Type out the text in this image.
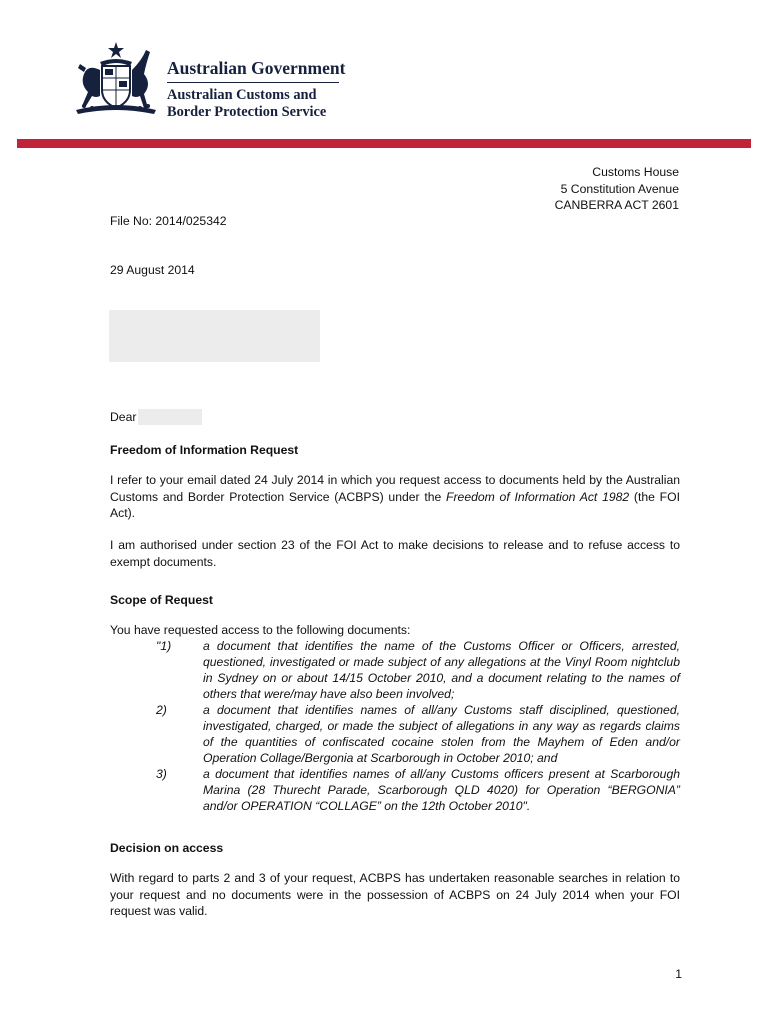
Australian Government
Australian Customs and
Border Protection Service
Customs House
5 Constitution Avenue
CANBERRA ACT 2601
File No: 2014/025342
29 August 2014
Dear
Freedom of Information Request

I refer to your email dated 24 July 2014 in which you request access to documents held by the Australian Customs and Border Protection Service (ACBPS) under the Freedom of Information Act 1982 (the FOI Act).

I am authorised under section 23 of the FOI Act to make decisions to release and to refuse access to exempt documents.

Scope of Request
You have requested access to the following documents:
"1)	a document that identifies the name of the Customs Officer or Officers, arrested, questioned, investigated or made subject of any allegations at the Vinyl Room nightclub in Sydney on or about 14/15 October 2010, and a document relating to the names of others that were/may have also been involved;
2)	a document that identifies names of all/any Customs staff disciplined, questioned, investigated, charged, or made the subject of allegations in any way as regards claims of the quantities of confiscated cocaine stolen from the Mayhem of Eden and/or Operation Collage/Bergonia at Scarborough in October 2010; and
3)	a document that identifies names of all/any Customs officers present at Scarborough Marina (28 Thurecht Parade, Scarborough QLD 4020) for Operation “BERGONIA” and/or OPERATION “COLLAGE” on the 12th October 2010".
Decision on access

With regard to parts 2 and 3 of your request, ACBPS has undertaken reasonable searches in relation to your request and no documents were in the possession of ACBPS on 24 July 2014 when your FOI request was valid.

1
